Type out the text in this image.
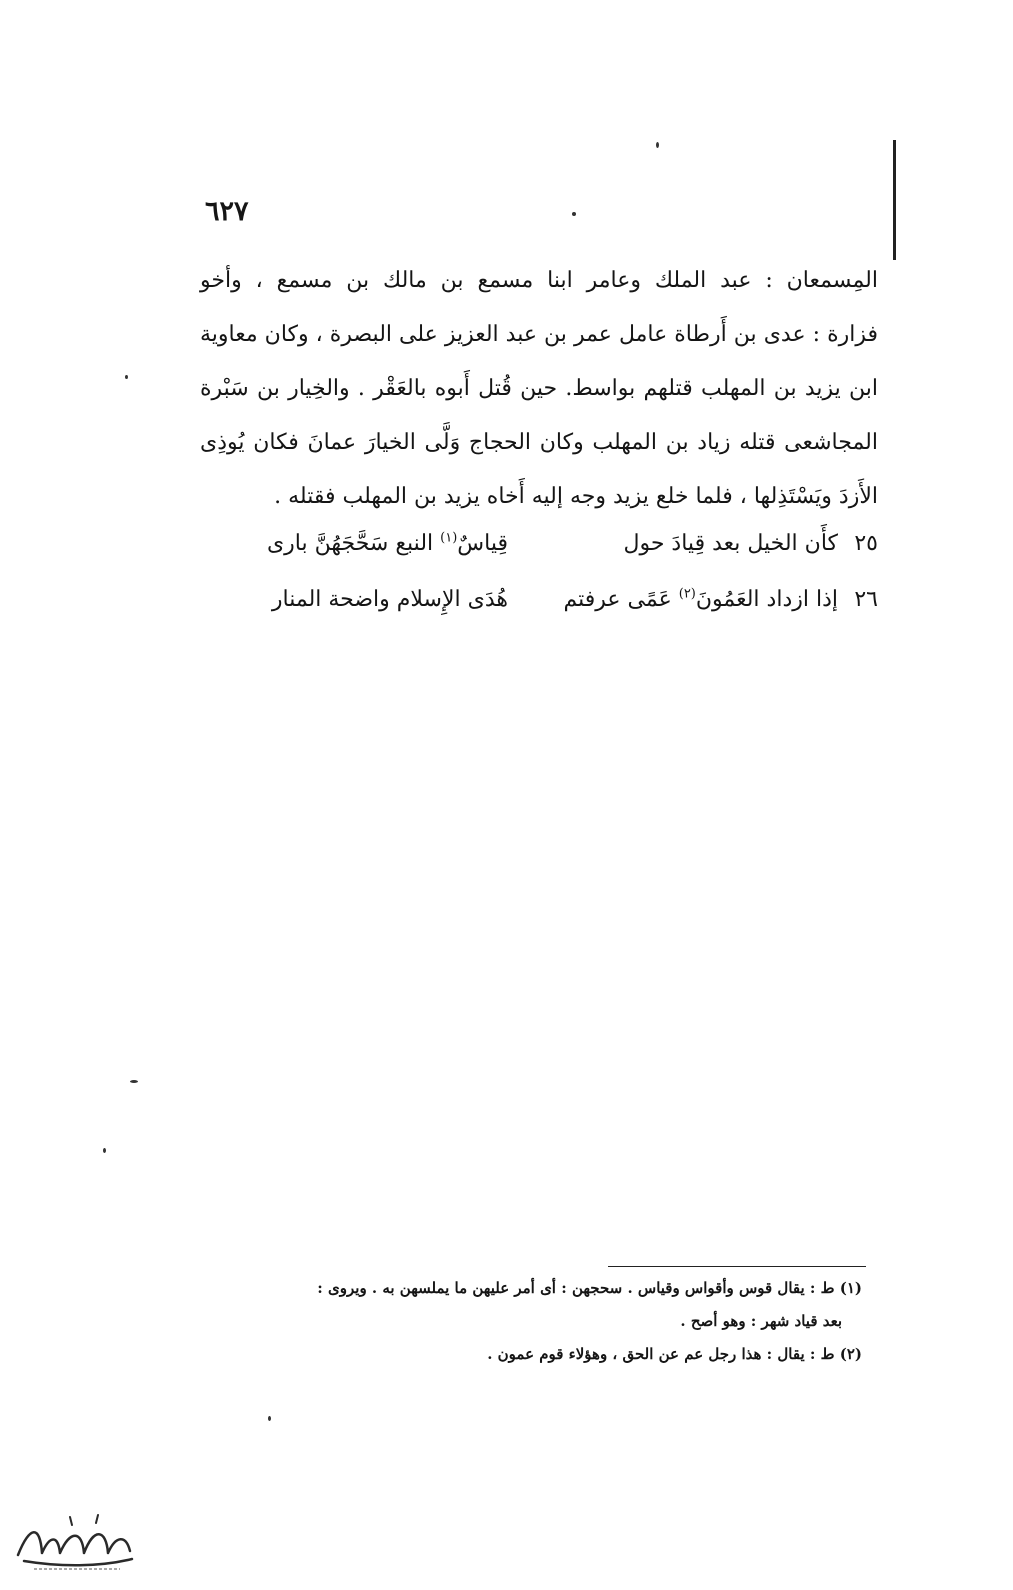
٦٢٧
المِسمعان : عبد الملك وعامر ابنا مسمع بن مالك بن مسمع ، وأخو
فزارة : عدى بن أَرطاة عامل عمر بن عبد العزيز على البصرة ، وكان معاوية
ابن يزيد بن المهلب قتلهم بواسط. حين قُتل أَبوه بالعَقْر . والخِيار بن سَبْرة
المجاشعى قتله زياد بن المهلب وكان الحجاج وَلَّى الخيارَ عمانَ فكان يُوذِى
الأَزدَ ويَسْتَذِلها ، فلما خلع يزيد وجه إليه أَخاه يزيد بن المهلب فقتله .
٢٥
كأَن الخيل بعد قِيادَ حول
قِياسٌ$^{(١)}$ النبع سَحَّجَهُنَّ بارى
٢٦
إذا ازداد العَمُونَ$^{(٢)}$ عَمًى عرفتم
هُدَى الإِسلام واضحة المنار
(١) ط : يقال قوس وأقواس وقياس . سحجهن : أى أمر عليهن ما يملسهن به . ويروى :
بعد قياد شهر : وهو أصح .
(٢) ط : يقال : هذا رجل عم عن الحق ، وهؤلاء قوم عمون .
